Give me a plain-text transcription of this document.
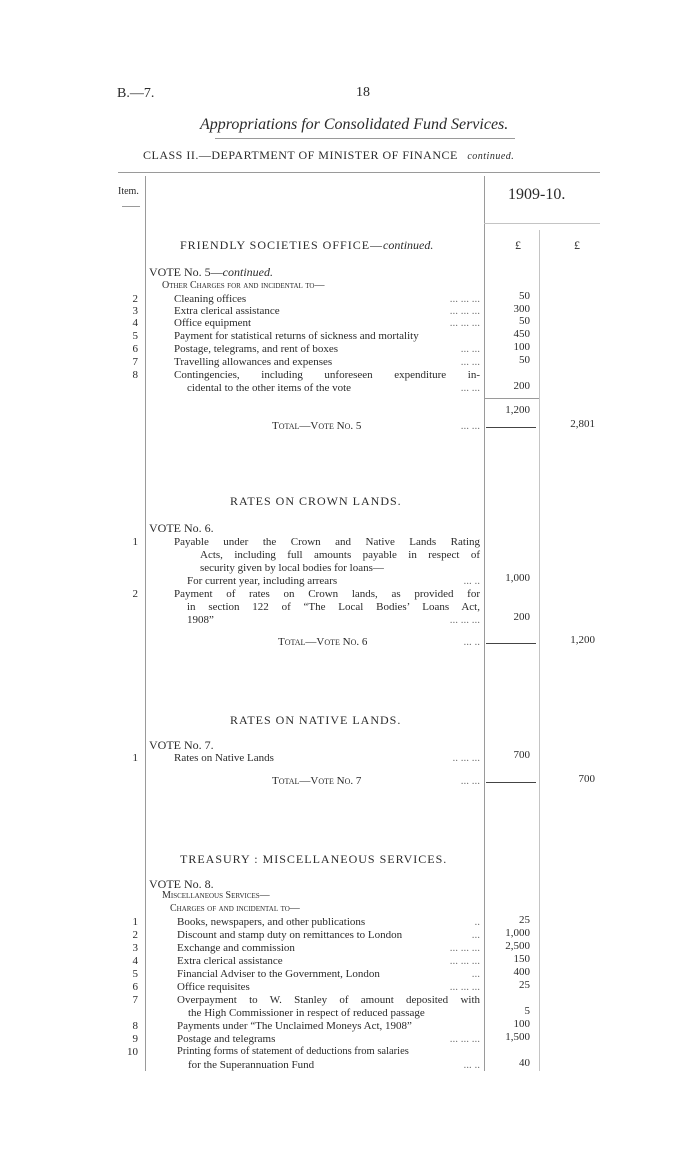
B.—7.	18
Appropriations for Consolidated Fund Services.
CLASS II.—DEPARTMENT OF MINISTER OF FINANCE continued.
Item.	1909-10.
FRIENDLY SOCIETIES OFFICE—continued.	£	£
VOTE No. 5—continued.
Other Charges for and incidental to—
2	Cleaning offices	... ... ...	50
3	Extra clerical assistance	... ... ...	300
4	Office equipment	... ... ...	50
5	Payment for statistical returns of sickness and mortality	450
6	Postage, telegrams, and rent of boxes	... ...	100
7	Travelling allowances and expenses	... ...	50
8	Contingencies, including unforeseen expenditure in-
cidental to the other items of the vote	... ...	200
1,200
Total—Vote No. 5	... ...	2,801
RATES ON CROWN LANDS.
VOTE No. 6.
1	Payable under the Crown and Native Lands Rating
Acts, including full amounts payable in respect of
security given by local bodies for loans—
For current year, including arrears	... ..	1,000
2	Payment of rates on Crown lands, as provided for
in section 122 of “The Local Bodies’ Loans Act,
1908”	... ... ...	200
Total—Vote No. 6	... ..	1,200
RATES ON NATIVE LANDS.
VOTE No. 7.
1	Rates on Native Lands	.. ... ...	700
Total—Vote No. 7	... ...	700
TREASURY : MISCELLANEOUS SERVICES.
VOTE No. 8.
Miscellaneous Services—
Charges of and incidental to—
1	Books, newspapers, and other publications	..	25
2	Discount and stamp duty on remittances to London	...	1,000
3	Exchange and commission	... ... ...	2,500
4	Extra clerical assistance	... ... ...	150
5	Financial Adviser to the Government, London	...	400
6	Office requisites	... ... ...	25
7	Overpayment to W. Stanley of amount deposited with
the High Commissioner in respect of reduced passage	5
8	Payments under “The Unclaimed Moneys Act, 1908”	100
9	Postage and telegrams	... ... ...	1,500
10	Printing forms of statement of deductions from salaries
for the Superannuation Fund	... ..	40
